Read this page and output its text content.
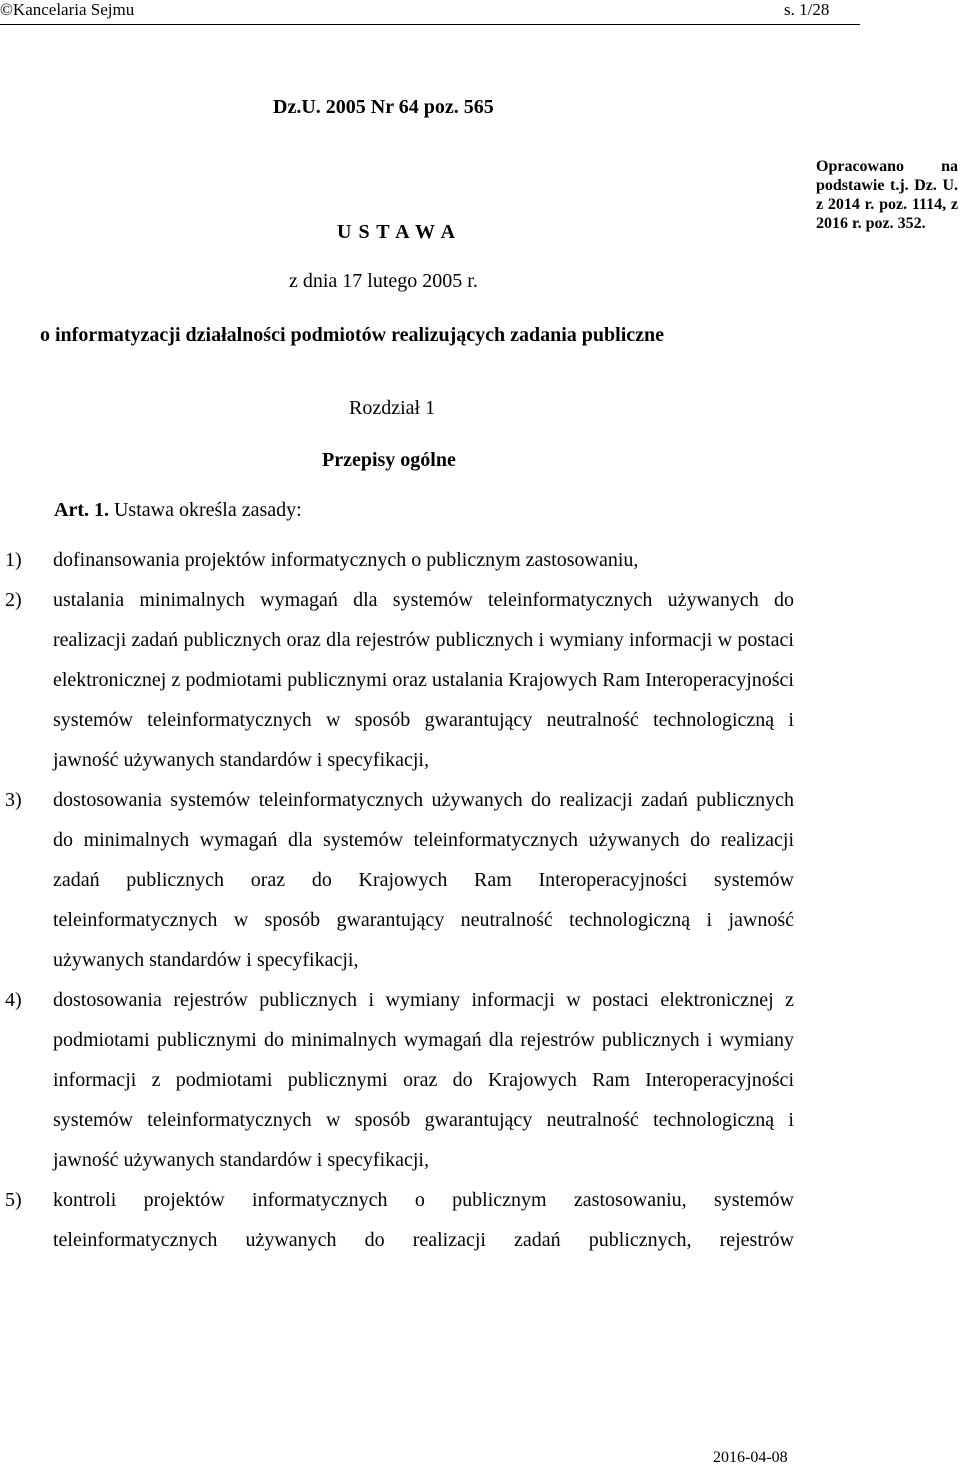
©Kancelaria Sejmu	s. 1/28
Dz.U. 2005 Nr 64 poz. 565
U S T A W A
z dnia 17 lutego 2005 r.
o informatyzacji działalności podmiotów realizujących zadania publiczne
Opracowano na podstawie t.j. Dz. U. z 2014 r. poz. 1114, z 2016 r. poz. 352.
Rozdział 1
Przepisy ogólne
Art. 1. Ustawa określa zasady:
1) dofinansowania projektów informatycznych o publicznym zastosowaniu,
2) ustalania minimalnych wymagań dla systemów teleinformatycznych używanych do realizacji zadań publicznych oraz dla rejestrów publicznych i wymiany informacji w postaci elektronicznej z podmiotami publicznymi oraz ustalania Krajowych Ram Interoperacyjności systemów teleinformatycznych w sposób gwarantujący neutralność technologiczną i jawność używanych standardów i specyfikacji,
3) dostosowania systemów teleinformatycznych używanych do realizacji zadań publicznych do minimalnych wymagań dla systemów teleinformatycznych używanych do realizacji zadań publicznych oraz do Krajowych Ram Interoperacyjności systemów teleinformatycznych w sposób gwarantujący neutralność technologiczną i jawność używanych standardów i specyfikacji,
4) dostosowania rejestrów publicznych i wymiany informacji w postaci elektronicznej z podmiotami publicznymi do minimalnych wymagań dla rejestrów publicznych i wymiany informacji z podmiotami publicznymi oraz do Krajowych Ram Interoperacyjności systemów teleinformatycznych w sposób gwarantujący neutralność technologiczną i jawność używanych standardów i specyfikacji,
5) kontroli projektów informatycznych o publicznym zastosowaniu, systemów teleinformatycznych używanych do realizacji zadań publicznych, rejestrów
2016-04-08
